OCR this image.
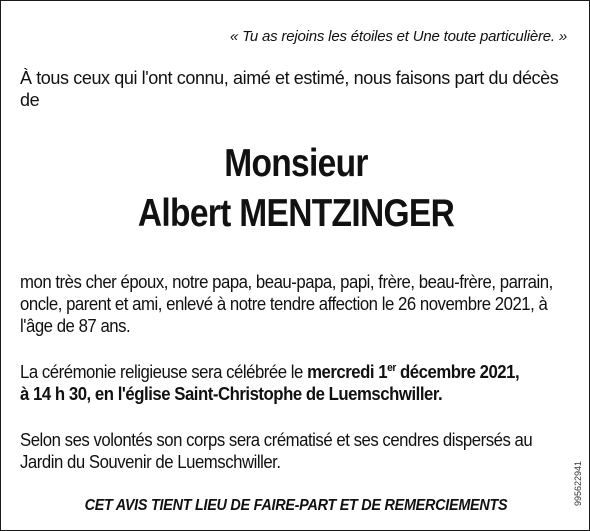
« Tu as rejoins les étoiles et Une toute particulière. »
À tous ceux qui l'ont connu, aimé et estimé, nous faisons part du décès de
Monsieur
Albert MENTZINGER
mon très cher époux, notre papa, beau-papa, papi, frère, beau-frère, parrain, oncle, parent et ami, enlevé à notre tendre affection le 26 novembre 2021, à l'âge de 87 ans.
La cérémonie religieuse sera célébrée le mercredi 1er décembre 2021,
à 14 h 30, en l'église Saint-Christophe de Luemschwiller.
Selon ses volontés son corps sera crématisé et ses cendres dispersés au Jardin du Souvenir de Luemschwiller.
CET AVIS TIENT LIEU DE FAIRE-PART ET DE REMERCIEMENTS	995622941
